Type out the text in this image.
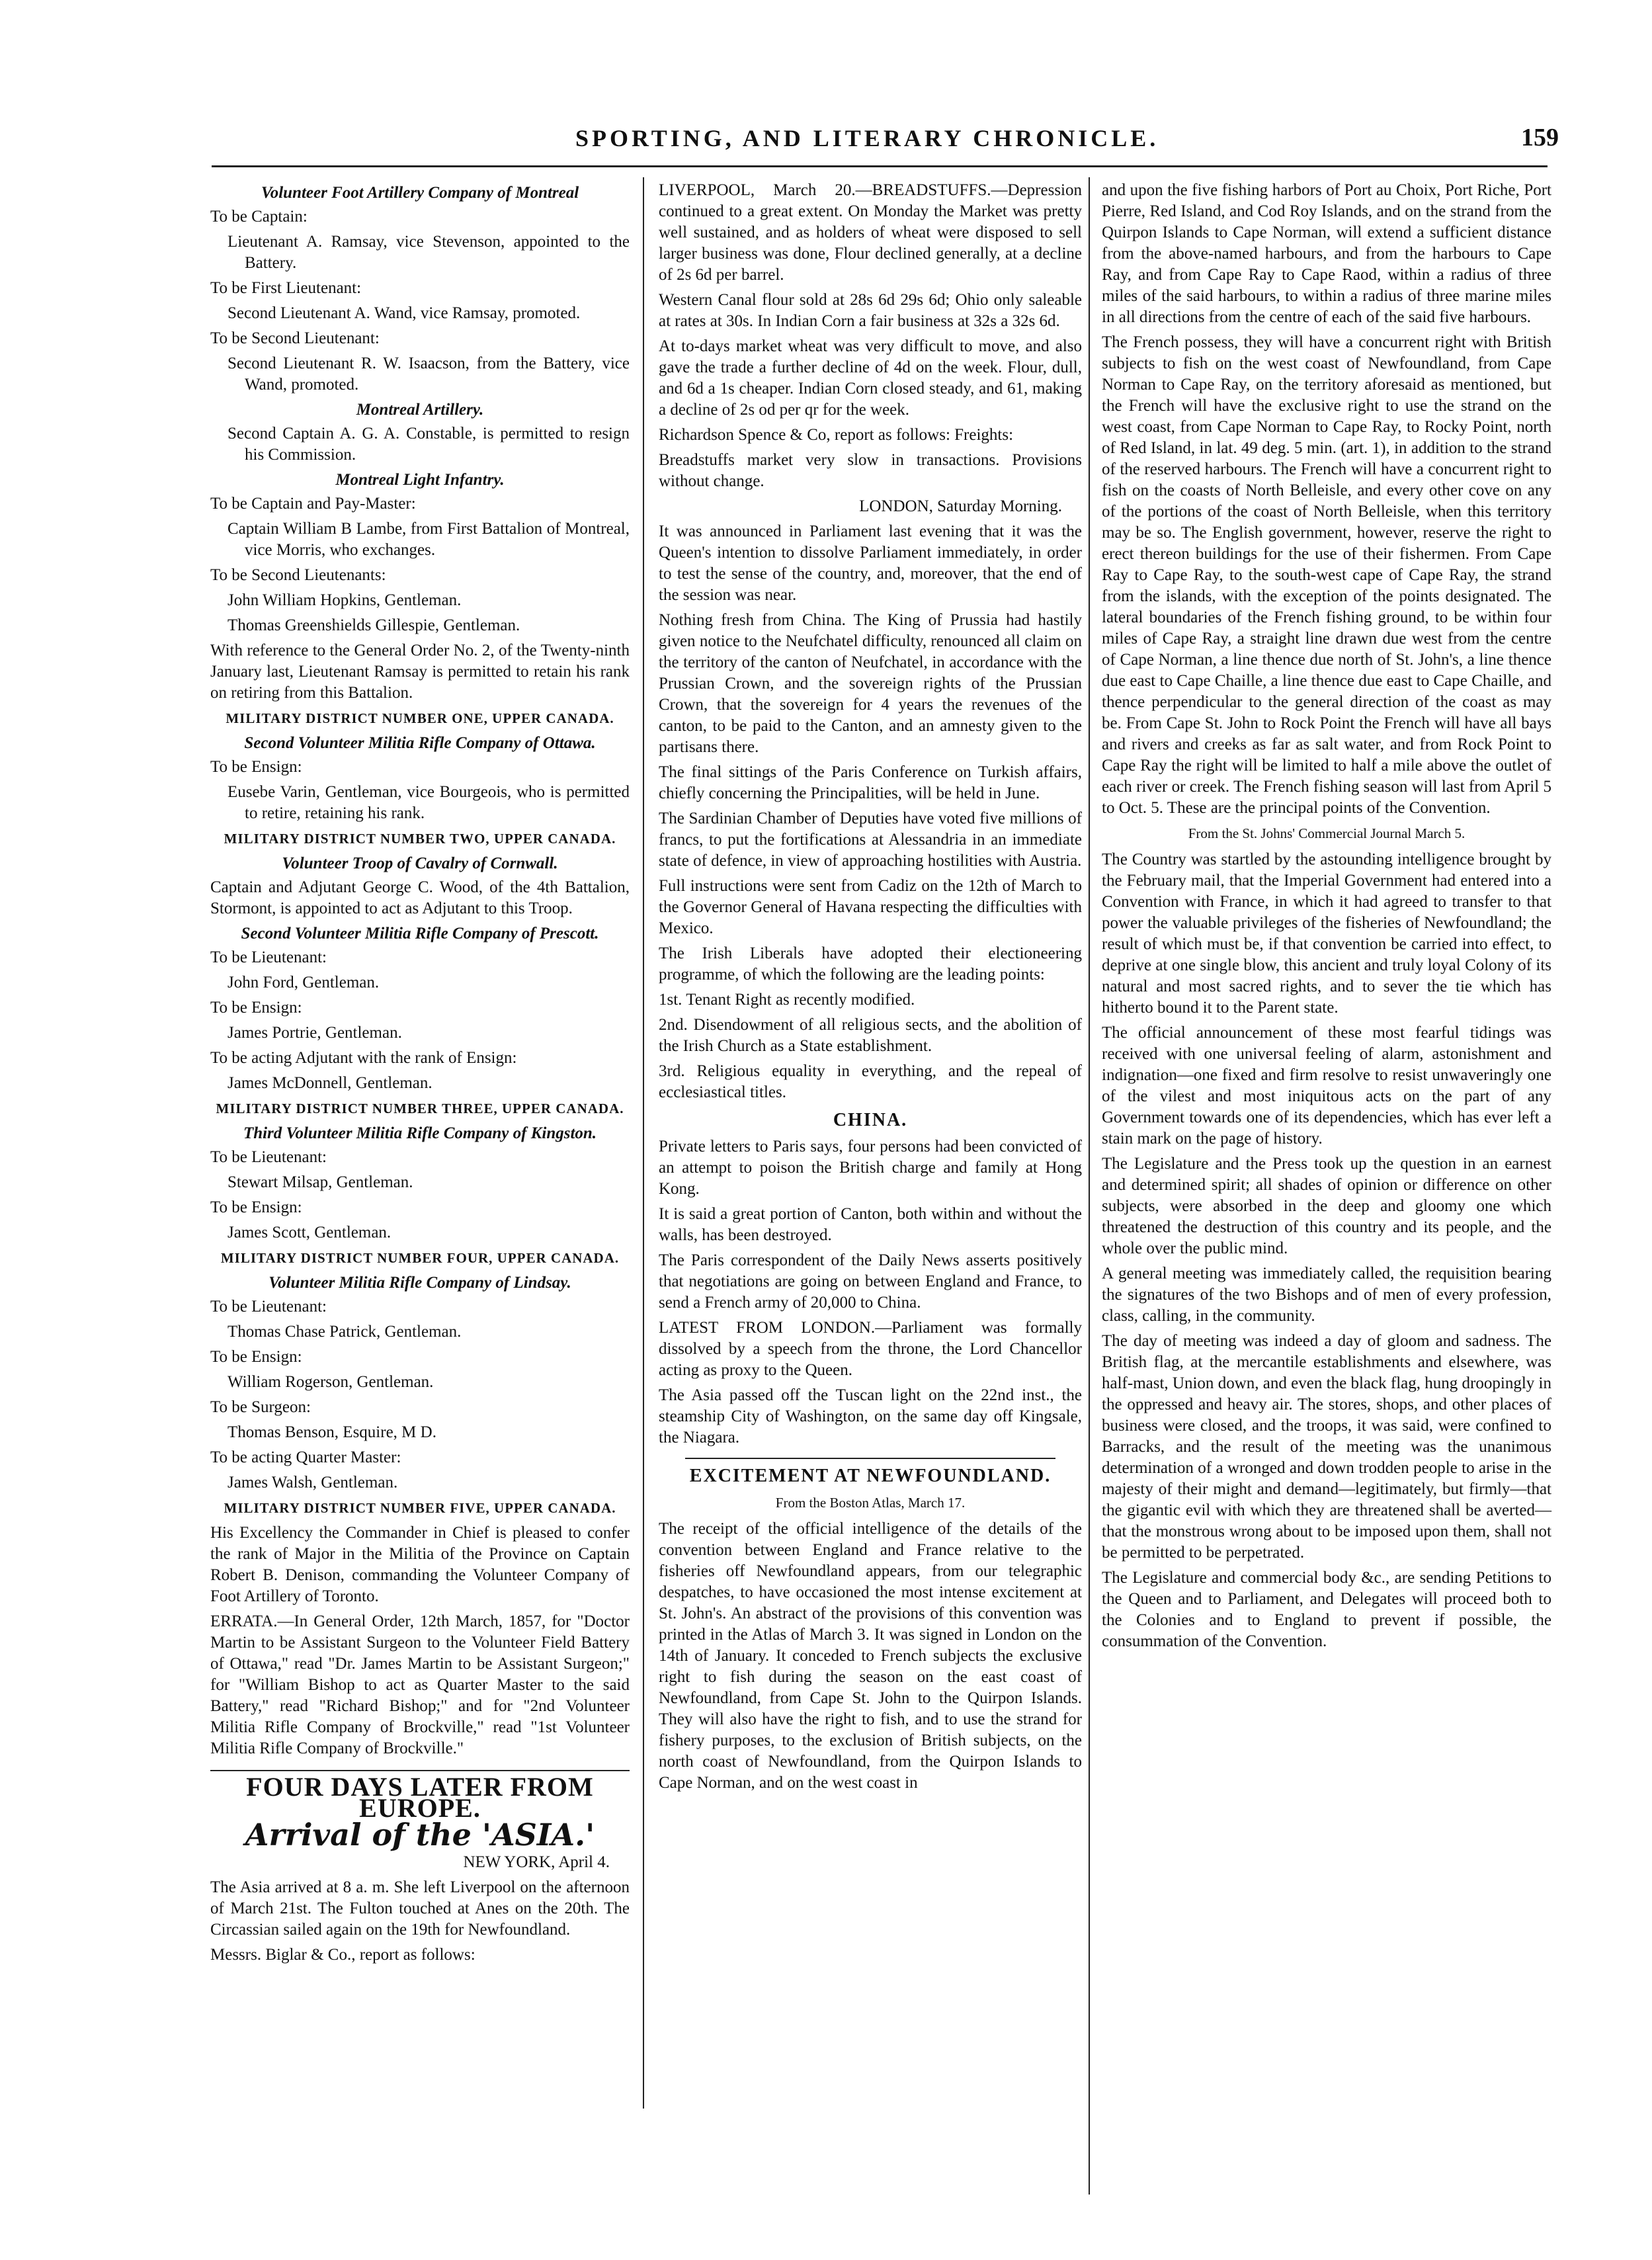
SPORTING, AND LITERARY CHRONICLE.	159
Volunteer Foot Artillery Company of Montreal

To be Captain:

Lieutenant A. Ramsay, vice Stevenson, appointed to the Battery.

To be First Lieutenant:

Second Lieutenant A. Wand, vice Ramsay, promoted.

To be Second Lieutenant:

Second Lieutenant R. W. Isaacson, from the Battery, vice Wand, promoted.

Montreal Artillery.

Second Captain A. G. A. Constable, is permitted to resign his Commission.

Montreal Light Infantry.

To be Captain and Pay-Master:

Captain William B Lambe, from First Battalion of Montreal, vice Morris, who exchanges.

To be Second Lieutenants:

John William Hopkins, Gentleman.

Thomas Greenshields Gillespie, Gentleman.

With reference to the General Order No. 2, of the Twenty-ninth January last, Lieutenant Ramsay is permitted to retain his rank on retiring from this Battalion.

MILITARY DISTRICT NUMBER ONE, UPPER CANADA.
Second Volunteer Militia Rifle Company of Ottawa.

To be Ensign:

Eusebe Varin, Gentleman, vice Bourgeois, who is permitted to retire, retaining his rank.

MILITARY DISTRICT NUMBER TWO, UPPER CANADA.
Volunteer Troop of Cavalry of Cornwall.

Captain and Adjutant George C. Wood, of the 4th Battalion, Stormont, is appointed to act as Adjutant to this Troop.

Second Volunteer Militia Rifle Company of Prescott.

To be Lieutenant:

John Ford, Gentleman.

To be Ensign:

James Portrie, Gentleman.

To be acting Adjutant with the rank of Ensign:

James McDonnell, Gentleman.

MILITARY DISTRICT NUMBER THREE, UPPER CANADA.
Third Volunteer Militia Rifle Company of Kingston.

To be Lieutenant:

Stewart Milsap, Gentleman.

To be Ensign:

James Scott, Gentleman.

MILITARY DISTRICT NUMBER FOUR, UPPER CANADA.
Volunteer Militia Rifle Company of Lindsay.

To be Lieutenant:

Thomas Chase Patrick, Gentleman.

To be Ensign:

William Rogerson, Gentleman.

To be Surgeon:

Thomas Benson, Esquire, M D.

To be acting Quarter Master:

James Walsh, Gentleman.

MILITARY DISTRICT NUMBER FIVE, UPPER CANADA.

His Excellency the Commander in Chief is pleased to confer the rank of Major in the Militia of the Province on Captain Robert B. Denison, commanding the Volunteer Company of Foot Artillery of Toronto.

ERRATA.—In General Order, 12th March, 1857, for "Doctor Martin to be Assistant Surgeon to the Volunteer Field Battery of Ottawa," read "Dr. James Martin to be Assistant Surgeon;" for "William Bishop to act as Quarter Master to the said Battery," read "Richard Bishop;" and for "2nd Volunteer Militia Rifle Company of Brockville," read "1st Volunteer Militia Rifle Company of Brockville."

FOUR DAYS LATER FROM EUROPE.
Arrival of the 'ASIA.'
NEW YORK, April 4.

The Asia arrived at 8 a. m. She left Liverpool on the afternoon of March 21st. The Fulton touched at Anes on the 20th. The Circassian sailed again on the 19th for Newfoundland.

Messrs. Biglar & Co., report as follows:

LIVERPOOL, March 20.—BREADSTUFFS.—Depression continued to a great extent. On Monday the Market was pretty well sustained, and as holders of wheat were disposed to sell larger business was done, Flour declined generally, at a decline of 2s 6d per barrel.

Western Canal flour sold at 28s 6d 29s 6d; Ohio only saleable at rates at 30s. In Indian Corn a fair business at 32s a 32s 6d.

At to-days market wheat was very difficult to move, and also gave the trade a further decline of 4d on the week. Flour, dull, and 6d a 1s cheaper. Indian Corn closed steady, and 61, making a decline of 2s od per qr for the week.

Richardson Spence & Co, report as follows: Freights:

Breadstuffs market very slow in transactions. Provisions without change.

LONDON, Saturday Morning.

It was announced in Parliament last evening that it was the Queen's intention to dissolve Parliament immediately, in order to test the sense of the country, and, moreover, that the end of the session was near.

Nothing fresh from China. The King of Prussia had hastily given notice to the Neufchatel difficulty, renounced all claim on the territory of the canton of Neufchatel, in accordance with the Prussian Crown, and the sovereign rights of the Prussian Crown, that the sovereign for 4 years the revenues of the canton, to be paid to the Canton, and an amnesty given to the partisans there.

The final sittings of the Paris Conference on Turkish affairs, chiefly concerning the Principalities, will be held in June.

The Sardinian Chamber of Deputies have voted five millions of francs, to put the fortifications at Alessandria in an immediate state of defence, in view of approaching hostilities with Austria.

Full instructions were sent from Cadiz on the 12th of March to the Governor General of Havana respecting the difficulties with Mexico.

The Irish Liberals have adopted their electioneering programme, of which the following are the leading points:

1st. Tenant Right as recently modified.

2nd. Disendowment of all religious sects, and the abolition of the Irish Church as a State establishment.

3rd. Religious equality in everything, and the repeal of ecclesiastical titles.

CHINA.

Private letters to Paris says, four persons had been convicted of an attempt to poison the British charge and family at Hong Kong.

It is said a great portion of Canton, both within and without the walls, has been destroyed.

The Paris correspondent of the Daily News asserts positively that negotiations are going on between England and France, to send a French army of 20,000 to China.

LATEST FROM LONDON.—Parliament was formally dissolved by a speech from the throne, the Lord Chancellor acting as proxy to the Queen.

The Asia passed off the Tuscan light on the 22nd inst., the steamship City of Washington, on the same day off Kingsale, the Niagara.

EXCITEMENT AT NEWFOUNDLAND.
From the Boston Atlas, March 17.

The receipt of the official intelligence of the details of the convention between England and France relative to the fisheries off Newfoundland appears, from our telegraphic despatches, to have occasioned the most intense excitement at St. John's. An abstract of the provisions of this convention was printed in the Atlas of March 3. It was signed in London on the 14th of January. It conceded to French subjects the exclusive right to fish during the season on the east coast of Newfoundland, from Cape St. John to the Quirpon Islands. They will also have the right to fish, and to use the strand for fishery purposes, to the exclusion of British subjects, on the north coast of Newfoundland, from the Quirpon Islands to Cape Norman, and on the west coast in

and upon the five fishing harbors of Port au Choix, Port Riche, Port Pierre, Red Island, and Cod Roy Islands, and on the strand from the Quirpon Islands to Cape Norman, will extend a sufficient distance from the above-named harbours, and from the harbours to Cape Ray, and from Cape Ray to Cape Raod, within a radius of three miles of the said harbours, to within a radius of three marine miles in all directions from the centre of each of the said five harbours.

The French possess, they will have a concurrent right with British subjects to fish on the west coast of Newfoundland, from Cape Norman to Cape Ray, on the territory aforesaid as mentioned, but the French will have the exclusive right to use the strand on the west coast, from Cape Norman to Cape Ray, to Rocky Point, north of Red Island, in lat. 49 deg. 5 min. (art. 1), in addition to the strand of the reserved harbours. The French will have a concurrent right to fish on the coasts of North Belleisle, and every other cove on any of the portions of the coast of North Belleisle, when this territory may be so. The English government, however, reserve the right to erect thereon buildings for the use of their fishermen. From Cape Ray to Cape Ray, to the south-west cape of Cape Ray, the strand from the islands, with the exception of the points designated. The lateral boundaries of the French fishing ground, to be within four miles of Cape Ray, a straight line drawn due west from the centre of Cape Norman, a line thence due north of St. John's, a line thence due east to Cape Chaille, a line thence due east to Cape Chaille, and thence perpendicular to the general direction of the coast as may be. From Cape St. John to Rock Point the French will have all bays and rivers and creeks as far as salt water, and from Rock Point to Cape Ray the right will be limited to half a mile above the outlet of each river or creek. The French fishing season will last from April 5 to Oct. 5. These are the principal points of the Convention.

From the St. Johns' Commercial Journal March 5.

The Country was startled by the astounding intelligence brought by the February mail, that the Imperial Government had entered into a Convention with France, in which it had agreed to transfer to that power the valuable privileges of the fisheries of Newfoundland; the result of which must be, if that convention be carried into effect, to deprive at one single blow, this ancient and truly loyal Colony of its natural and most sacred rights, and to sever the tie which has hitherto bound it to the Parent state.

The official announcement of these most fearful tidings was received with one universal feeling of alarm, astonishment and indignation—one fixed and firm resolve to resist unwaveringly one of the vilest and most iniquitous acts on the part of any Government towards one of its dependencies, which has ever left a stain mark on the page of history.

The Legislature and the Press took up the question in an earnest and determined spirit; all shades of opinion or difference on other subjects, were absorbed in the deep and gloomy one which threatened the destruction of this country and its people, and the whole over the public mind.

A general meeting was immediately called, the requisition bearing the signatures of the two Bishops and of men of every profession, class, calling, in the community.

The day of meeting was indeed a day of gloom and sadness. The British flag, at the mercantile establishments and elsewhere, was half-mast, Union down, and even the black flag, hung droopingly in the oppressed and heavy air. The stores, shops, and other places of business were closed, and the troops, it was said, were confined to Barracks, and the result of the meeting was the unanimous determination of a wronged and down trodden people to arise in the majesty of their might and demand—legitimately, but firmly—that the gigantic evil with which they are threatened shall be averted—that the monstrous wrong about to be imposed upon them, shall not be permitted to be perpetrated.

The Legislature and commercial body &c., are sending Petitions to the Queen and to Parliament, and Delegates will proceed both to the Colonies and to England to prevent if possible, the consummation of the Convention.
